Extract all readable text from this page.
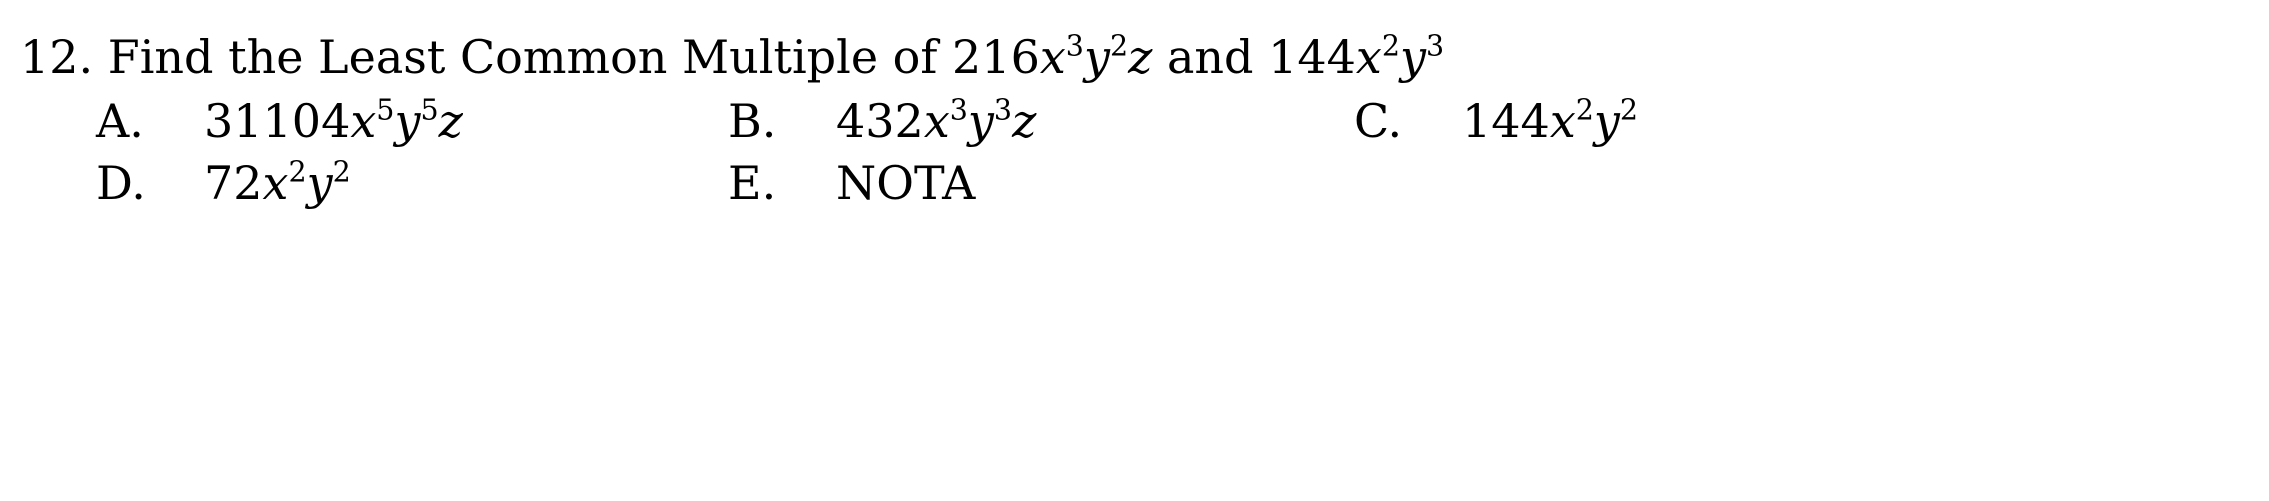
12. Find the Least Common Multiple of $216x^3y^2z$ and $144x^2y^3$
A. $31104x^5y^5z$	B. $432x^3y^3z$	C. $144x^2y^2$
D. $72x^2y^2$	E. NOTA
